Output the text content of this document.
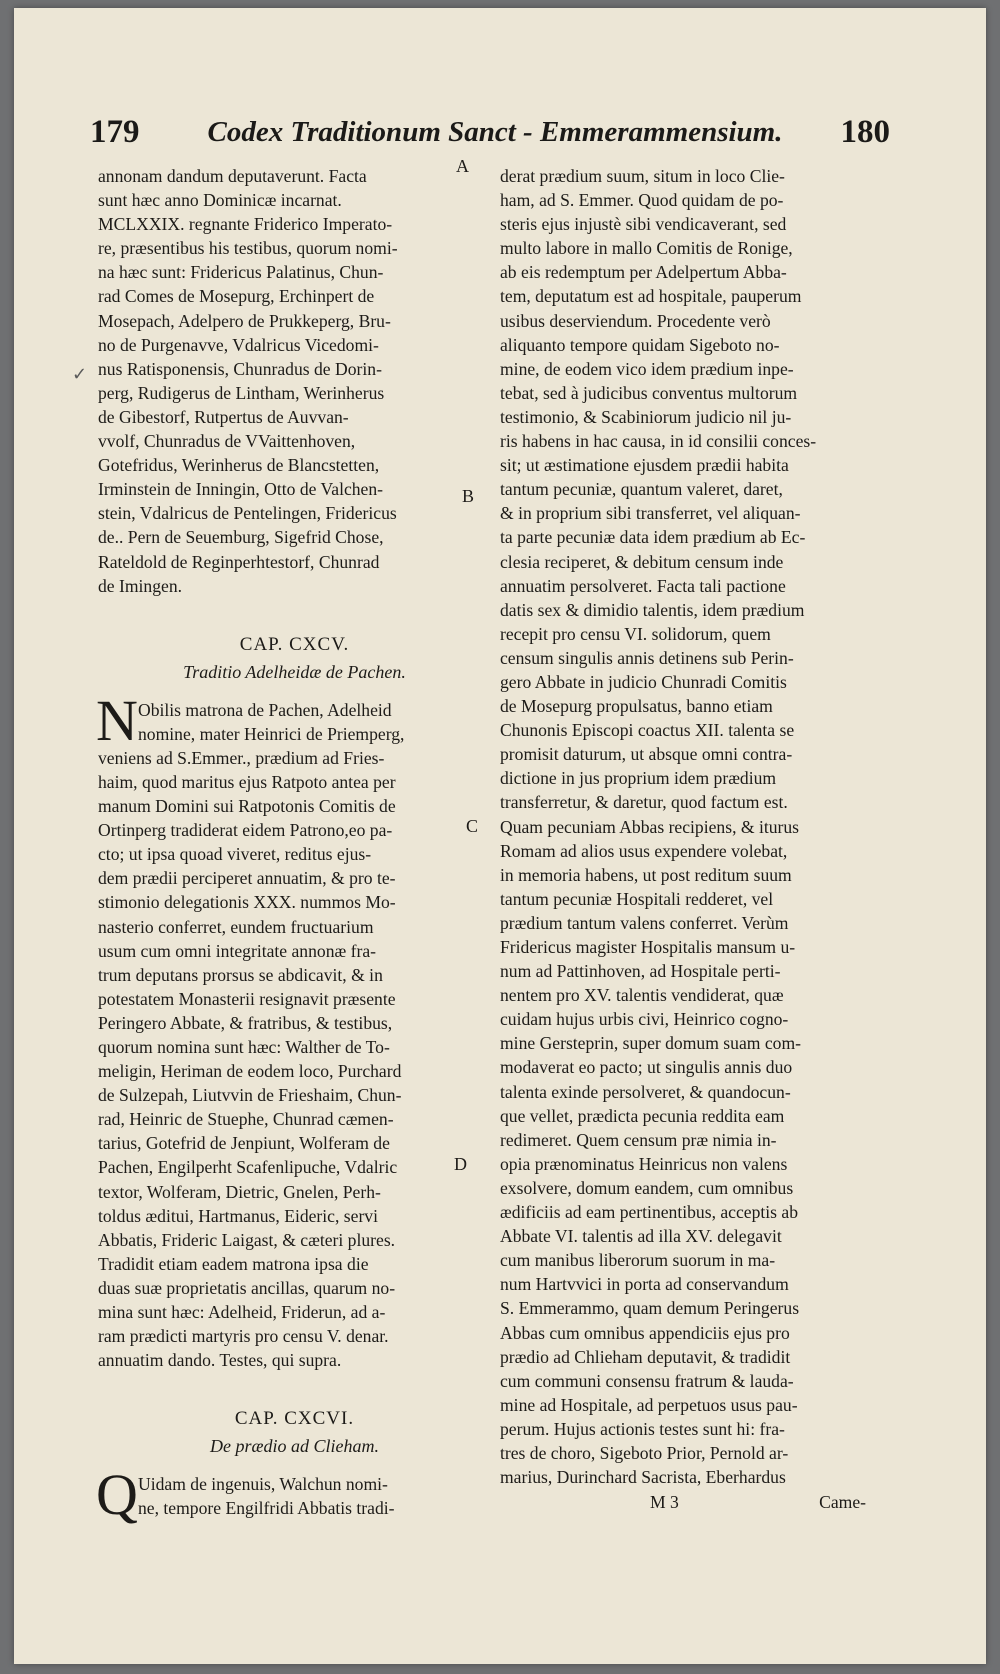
179	Codex Traditionum Sanct - Emmerammensium.	180
✓
A
B
C
D
annonam dandum deputaverunt. Facta
sunt hæc anno Dominicæ incarnat.
MCLXXIX. regnante Friderico Imperato-
re, præsentibus his testibus, quorum nomi-
na hæc sunt: Fridericus Palatinus, Chun-
rad Comes de Mosepurg, Erchinpert de
Mosepach, Adelpero de Prukkeperg, Bru-
no de Purgenavve, Vdalricus Vicedomi-
nus Ratisponensis, Chunradus de Dorin-
perg, Rudigerus de Lintham, Werinherus
de Gibestorf, Rutpertus de Auvvan-
vvolf, Chunradus de VVaittenhoven,
Gotefridus, Werinherus de Blancstetten,
Irminstein de Inningin, Otto de Valchen-
stein, Vdalricus de Pentelingen, Fridericus
de.. Pern de Seuemburg, Sigefrid Chose,
Rateldold de Reginperhtestorf, Chunrad
de Imingen.
CAP. CXCV.
Traditio Adelheidæ de Pachen.
N Obilis matrona de Pachen, Adelheid
nomine, mater Heinrici de Priemperg,
veniens ad S.Emmer., prædium ad Fries-
haim, quod maritus ejus Ratpoto antea per
manum Domini sui Ratpotonis Comitis de
Ortinperg tradiderat eidem Patrono,eo pa-
cto; ut ipsa quoad viveret, reditus ejus-
dem prædii perciperet annuatim, & pro te-
stimonio delegationis XXX. nummos Mo-
nasterio conferret, eundem fructuarium
usum cum omni integritate annonæ fra-
trum deputans prorsus se abdicavit, & in
potestatem Monasterii resignavit præsente
Peringero Abbate, & fratribus, & testibus,
quorum nomina sunt hæc: Walther de To-
meligin, Heriman de eodem loco, Purchard
de Sulzepah, Liutvvin de Frieshaim, Chun-
rad, Heinric de Stuephe, Chunrad cæmen-
tarius, Gotefrid de Jenpiunt, Wolferam de
Pachen, Engilperht Scafenlipuche, Vdalric
textor, Wolferam, Dietric, Gnelen, Perh-
toldus æditui, Hartmanus, Eideric, servi
Abbatis, Frideric Laigast, & cæteri plures.
Tradidit etiam eadem matrona ipsa die
duas suæ proprietatis ancillas, quarum no-
mina sunt hæc: Adelheid, Friderun, ad a-
ram prædicti martyris pro censu V. denar.
annuatim dando. Testes, qui supra.
CAP. CXCVI.
De prædio ad Clieham.
Q Uidam de ingenuis, Walchun nomi-
ne, tempore Engilfridi Abbatis tradi-
derat prædium suum, situm in loco Clie-
ham, ad S. Emmer. Quod quidam de po-
steris ejus injustè sibi vendicaverant, sed
multo labore in mallo Comitis de Ronige,
ab eis redemptum per Adelpertum Abba-
tem, deputatum est ad hospitale, pauperum
usibus deserviendum. Procedente verò
aliquanto tempore quidam Sigeboto no-
mine, de eodem vico idem prædium inpe-
tebat, sed à judicibus conventus multorum
testimonio, & Scabiniorum judicio nil ju-
ris habens in hac causa, in id consilii conces-
sit; ut æstimatione ejusdem prædii habita
tantum pecuniæ, quantum valeret, daret,
& in proprium sibi transferret, vel aliquan-
ta parte pecuniæ data idem prædium ab Ec-
clesia reciperet, & debitum censum inde
annuatim persolveret. Facta tali pactione
datis sex & dimidio talentis, idem prædium
recepit pro censu VI. solidorum, quem
censum singulis annis detinens sub Perin-
gero Abbate in judicio Chunradi Comitis
de Mosepurg propulsatus, banno etiam
Chunonis Episcopi coactus XII. talenta se
promisit daturum, ut absque omni contra-
dictione in jus proprium idem prædium
transferretur, & daretur, quod factum est.
Quam pecuniam Abbas recipiens, & iturus
Romam ad alios usus expendere volebat,
in memoria habens, ut post reditum suum
tantum pecuniæ Hospitali redderet, vel
prædium tantum valens conferret. Verùm
Fridericus magister Hospitalis mansum u-
num ad Pattinhoven, ad Hospitale perti-
nentem pro XV. talentis vendiderat, quæ
cuidam hujus urbis civi, Heinrico cogno-
mine Gersteprin, super domum suam com-
modaverat eo pacto; ut singulis annis duo
talenta exinde persolveret, & quandocun-
que vellet, prædicta pecunia reddita eam
redimeret. Quem censum præ nimia in-
opia prænominatus Heinricus non valens
exsolvere, domum eandem, cum omnibus
ædificiis ad eam pertinentibus, acceptis ab
Abbate VI. talentis ad illa XV. delegavit
cum manibus liberorum suorum in ma-
num Hartvvici in porta ad conservandum
S. Emmerammo, quam demum Peringerus
Abbas cum omnibus appendiciis ejus pro
prædio ad Chlieham deputavit, & tradidit
cum communi consensu fratrum & lauda-
mine ad Hospitale, ad perpetuos usus pau-
perum. Hujus actionis testes sunt hi: fra-
tres de choro, Sigeboto Prior, Pernold ar-
marius, Durinchard Sacrista, Eberhardus
M 3	Came-
